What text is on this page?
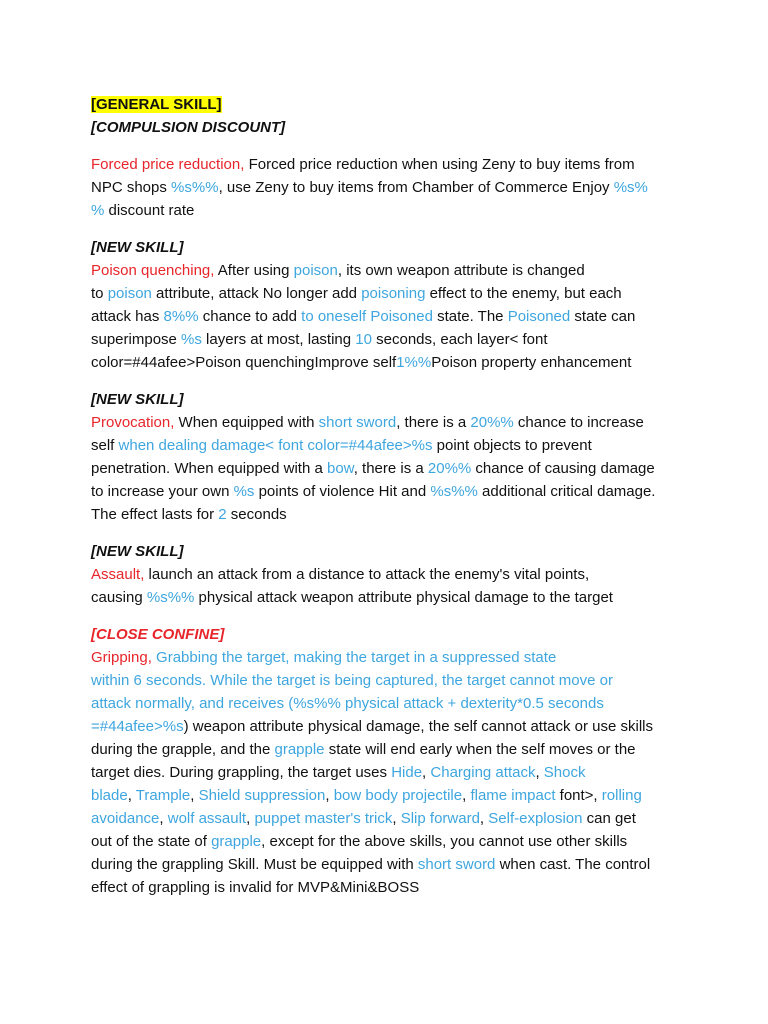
[GENERAL SKILL]
[COMPULSION DISCOUNT]
Forced price reduction, Forced price reduction when using Zeny to buy items from
NPC shops %s%%, use Zeny to buy items from Chamber of Commerce Enjoy %s%
% discount rate
[NEW SKILL]
Poison quenching, After using poison, its own weapon attribute is changed
to poison attribute, attack No longer add poisoning effect to the enemy, but each
attack has 8%% chance to add to oneself Poisoned state. The Poisoned state can
superimpose %s layers at most, lasting 10 seconds, each layer< font
color=#44afee>Poison quenchingImprove self1%%Poison property enhancement
[NEW SKILL]
Provocation, When equipped with short sword, there is a 20%% chance to increase
self when dealing damage< font color=#44afee>%s point objects to prevent
penetration. When equipped with a bow, there is a 20%% chance of causing damage
to increase your own %s points of violence Hit and %s%% additional critical damage.
The effect lasts for 2 seconds
[NEW SKILL]
Assault, launch an attack from a distance to attack the enemy's vital points,
causing %s%% physical attack weapon attribute physical damage to the target
[CLOSE CONFINE]
Gripping, Grabbing the target, making the target in a suppressed state
within 6 seconds. While the target is being captured, the target cannot move or
attack normally, and receives (%s%% physical attack + dexterity*0.5 seconds
=#44afee>%s) weapon attribute physical damage, the self cannot attack or use skills
during the grapple, and the grapple state will end early when the self moves or the
target dies. During grappling, the target uses Hide, Charging attack, Shock
blade, Trample, Shield suppression, bow body projectile, flame impact font>, rolling
avoidance, wolf assault, puppet master's trick, Slip forward, Self-explosion can get
out of the state of grapple, except for the above skills, you cannot use other skills
during the grappling Skill. Must be equipped with short sword when cast. The control
effect of grappling is invalid for MVP&Mini&BOSS
